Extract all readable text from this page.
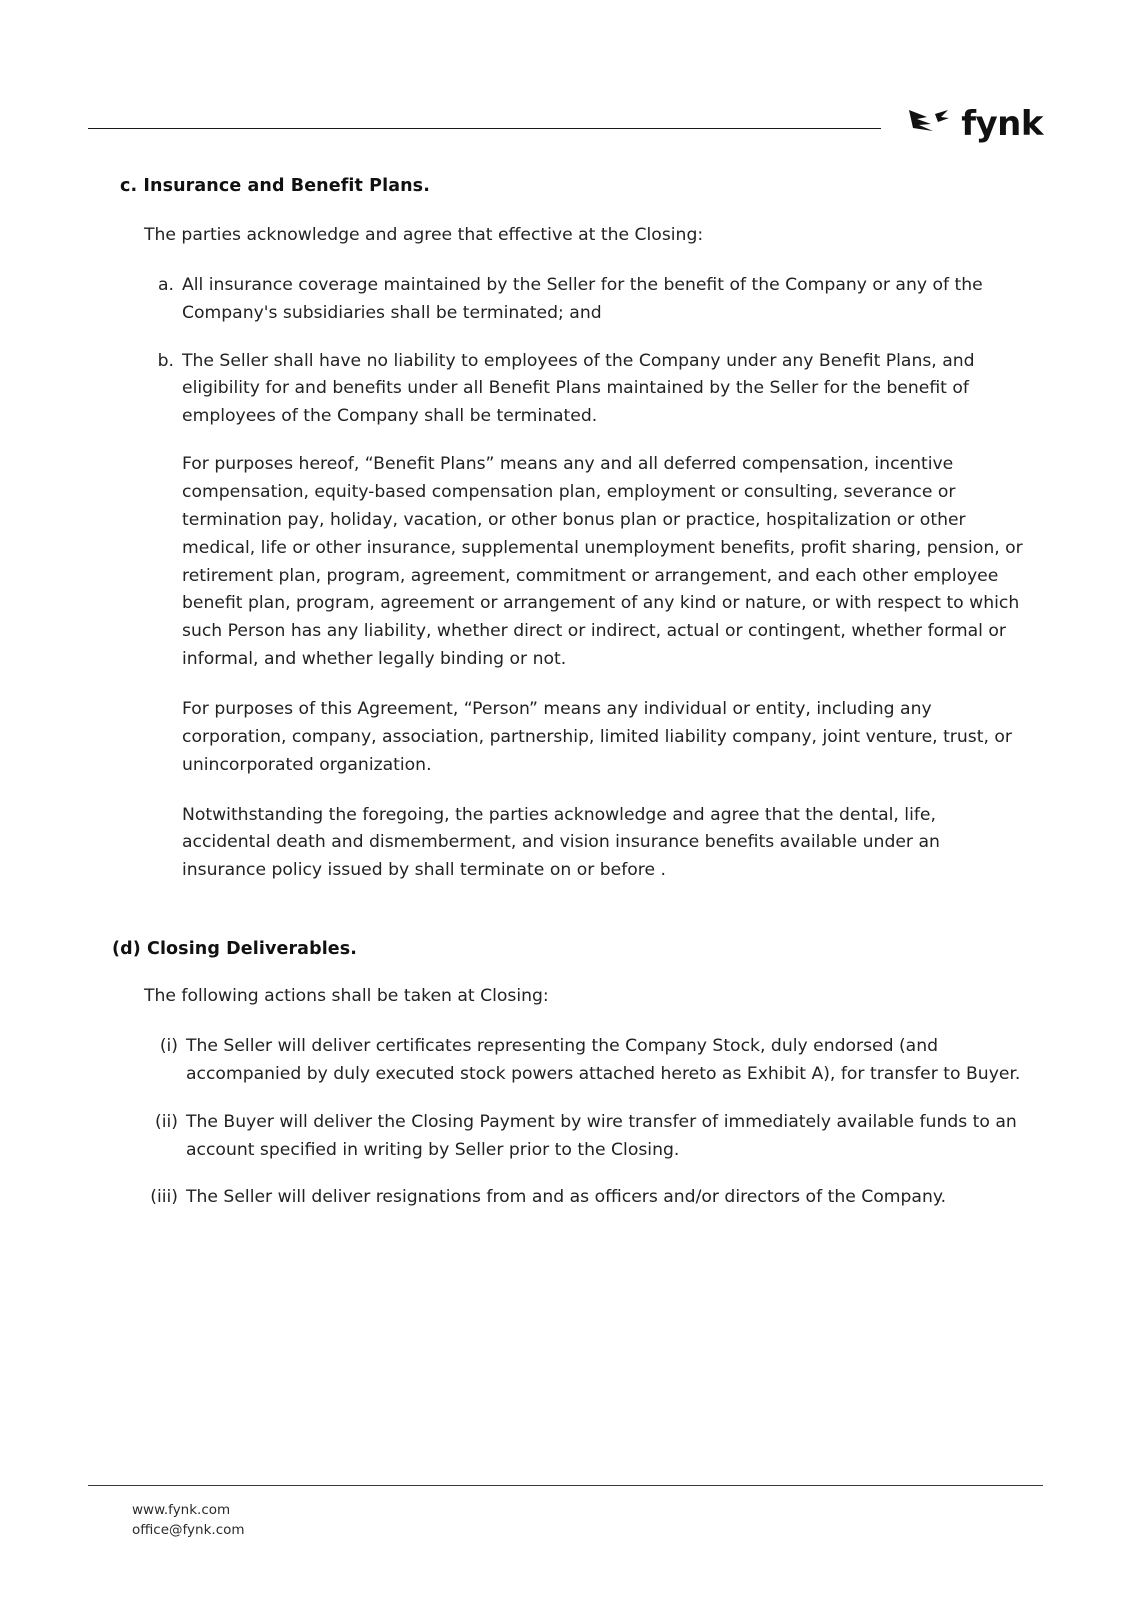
fynk
c. Insurance and Benefit Plans.

The parties acknowledge and agree that effective at the Closing:

a. All insurance coverage maintained by the Seller for the benefit of the Company or any of the Company's subsidiaries shall be terminated; and
b. The Seller shall have no liability to employees of the Company under any Benefit Plans, and eligibility for and benefits under all Benefit Plans maintained by the Seller for the benefit of employees of the Company shall be terminated.

For purposes hereof, “Benefit Plans” means any and all deferred compensation, incentive compensation, equity-based compensation plan, employment or consulting, severance or termination pay, holiday, vacation, or other bonus plan or practice, hospitalization or other medical, life or other insurance, supplemental unemployment benefits, profit sharing, pension, or retirement plan, program, agreement, commitment or arrangement, and each other employee benefit plan, program, agreement or arrangement of any kind or nature, or with respect to which such Person has any liability, whether direct or indirect, actual or contingent, whether formal or informal, and whether legally binding or not.

For purposes of this Agreement, “Person” means any individual or entity, including any corporation, company, association, partnership, limited liability company, joint venture, trust, or unincorporated organization.

Notwithstanding the foregoing, the parties acknowledge and agree that the dental, life, accidental death and dismemberment, and vision insurance benefits available under an insurance policy issued by shall terminate on or before .

(d) Closing Deliverables.

The following actions shall be taken at Closing:

(i) The Seller will deliver certificates representing the Company Stock, duly endorsed (and accompanied by duly executed stock powers attached hereto as Exhibit A), for transfer to Buyer.
(ii) The Buyer will deliver the Closing Payment by wire transfer of immediately available funds to an account specified in writing by Seller prior to the Closing.
(iii) The Seller will deliver resignations from and as officers and/or directors of the Company.
www.fynk.com
office@fynk.com
